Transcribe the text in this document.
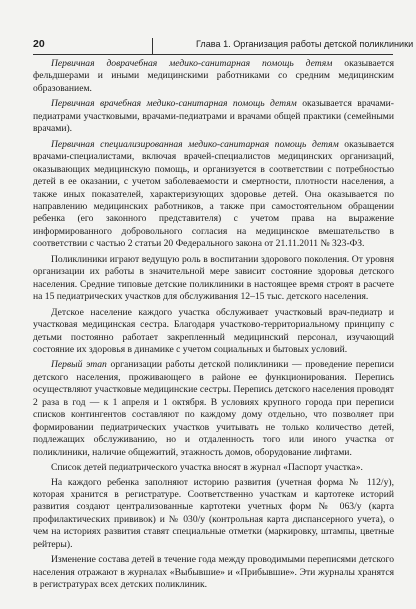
20	Глава 1. Организация работы детской поликлиники

Первичная доврачебная медико-санитарная помощь детям оказывается фельдшерами и иными медицинскими работниками со средним медицинским образованием.

Первичная врачебная медико-санитарная помощь детям оказывается врачами-педиатрами участковыми, врачами-педиатрами и врачами общей практики (семейными врачами).

Первичная специализированная медико-санитарная помощь детям оказывается врачами-специалистами, включая врачей-специалистов медицинских организаций, оказывающих медицинскую помощь, и организуется в соответствии с потребностью детей в ее оказании, с учетом заболеваемости и смертности, плотности населения, а также иных показателей, характеризующих здоровье детей. Она оказывается по направлению медицинских работников, а также при самостоятельном обращении ребенка (его законного представителя) с учетом права на выражение информированного добровольного согласия на медицинское вмешательство в соответствии с частью 2 статьи 20 Федерального закона от 21.11.2011 № 323-ФЗ.

Поликлиники играют ведущую роль в воспитании здорового поколения. От уровня организации их работы в значительной мере зависит состояние здоровья детского населения. Средние типовые детские поликлиники в настоящее время строят в расчете на 15 педиатрических участков для обслуживания 12–15 тыс. детского населения.

Детское население каждого участка обслуживает участковый врач-педиатр и участковая медицинская сестра. Благодаря участково-территориальному принципу с детьми постоянно работает закрепленный медицинский персонал, изучающий состояние их здоровья в динамике с учетом социальных и бытовых условий.

Первый этап организации работы детской поликлиники — проведение переписи детского населения, проживающего в районе ее функционирования. Перепись осуществляют участковые медицинские сестры. Перепись детского населения проводят 2 раза в год — к 1 апреля и 1 октября. В условиях крупного города при переписи списков контингентов составляют по каждому дому отдельно, что позволяет при формировании педиатрических участков учитывать не только количество детей, подлежащих обслуживанию, но и отдаленность того или иного участка от поликлиники, наличие общежитий, этажность домов, оборудование лифтами.

Список детей педиатрического участка вносят в журнал «Паспорт участка».

На каждого ребенка заполняют историю развития (учетная форма № 112/у), которая хранится в регистратуре. Соответственно участкам и картотеке историй развития создают централизованные картотеки учетных форм № 063/у (карта профилактических прививок) и № 030/у (контрольная карта диспансерного учета), о чем на историях развития ставят специальные отметки (маркировку, штампы, цветные рейтеры).

Изменение состава детей в течение года между проводимыми переписями детского населения отражают в журналах «Выбывшие» и «Прибывшие». Эти журналы хранятся в регистратурах всех детских поликлиник.
